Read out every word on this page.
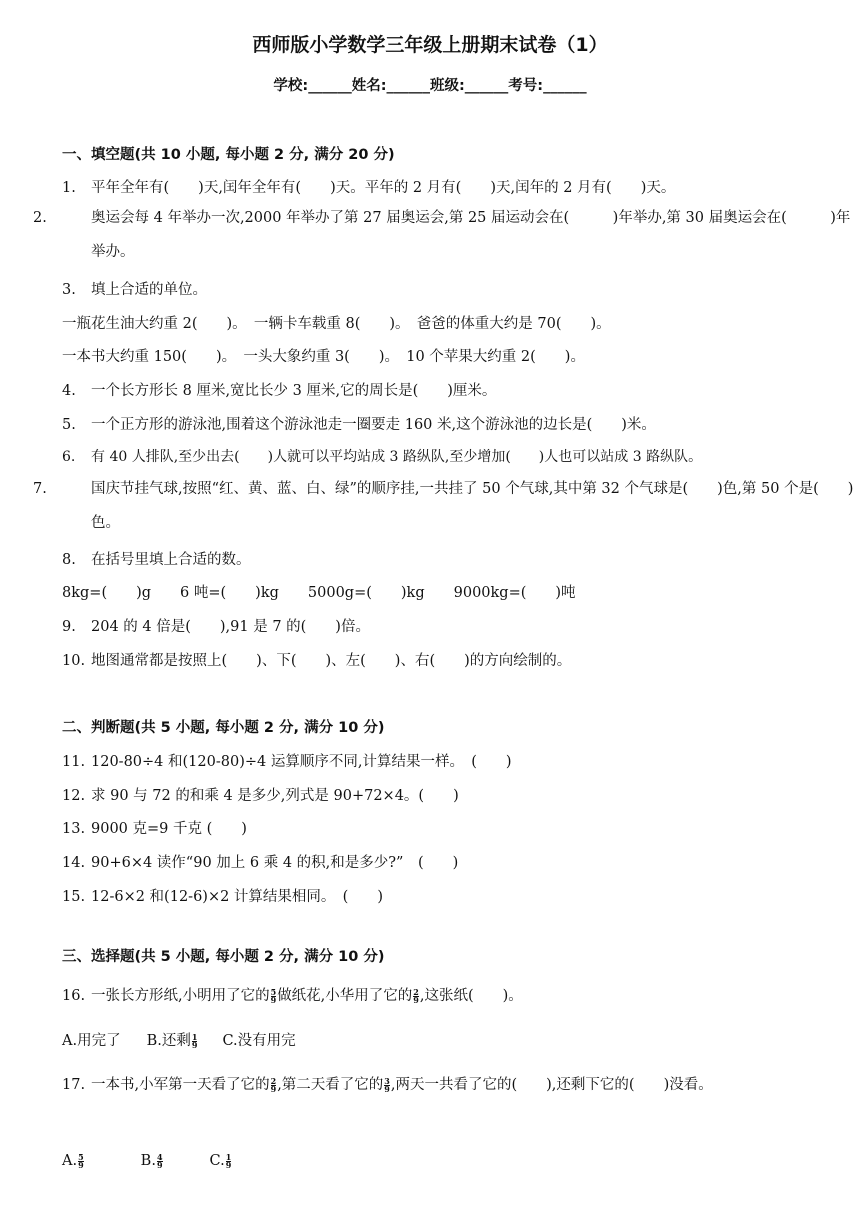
西师版小学数学三年级上册期末试卷（1）
学校:______姓名:______班级:______考号:______
一、填空题(共 10 小题, 每小题 2 分, 满分 20 分)
1. 平年全年有(　　)天,闰年全年有(　　)天。平年的 2 月有(　　)天,闰年的 2 月有(　　)天。
2.	奥运会每 4 年举办一次,2000 年举办了第 27 届奥运会,第 25 届运动会在(　　　)年举办,第 30 届奥运会在(　　　)年举办。
3. 填上合适的单位。
一瓶花生油大约重 2(　　)。　一辆卡车载重 8(　　)。　爸爸的体重大约是 70(　　)。
一本书大约重 150(　　)。　一头大象约重 3(　　)。　10 个苹果大约重 2(　　)。
4. 一个长方形长 8 厘米,宽比长少 3 厘米,它的周长是(　　)厘米。
5. 一个正方形的游泳池,围着这个游泳池走一圈要走 160 米,这个游泳池的边长是(　　)米。
6. 有 40 人排队,至少出去(　　)人就可以平均站成 3 路纵队,至少增加(　　)人也可以站成 3 路纵队。
7.	国庆节挂气球,按照“红、黄、蓝、白、绿”的顺序挂,一共挂了 50 个气球,其中第 32 个气球是(　　)色,第 50 个是(　　)色。
8. 在括号里填上合适的数。
8kg=(　　)g　　6 吨=(　　)kg　　5000g=(　　)kg　　9000kg=(　　)吨
9. 204 的 4 倍是(　　),91 是 7 的(　　)倍。
10. 地图通常都是按照上(　　)、下(　　)、左(　　)、右(　　)的方向绘制的。
二、判断题(共 5 小题, 每小题 2 分, 满分 10 分)
11. 120-80÷4 和(120-80)÷4 运算顺序不同,计算结果一样。　(　　)
12. 求 90 与 72 的和乘 4 是多少,列式是 90+72×4。(　　)
13. 9000 克=9 千克 (　　)
14. 90+6×4 读作“90 加上 6 乘 4 的积,和是多少?”　(　　)
15. 12-6×2 和(12-6)×2 计算结果相同。　(　　)
三、选择题(共 5 小题, 每小题 2 分, 满分 10 分)
16. 一张长方形纸,小明用了它的 $\frac{5}{9}$ 做纸花,小华用了它的 $\frac{2}{9}$ ,这张纸(　　)。
A.用完了 B.还剩 $\frac{1}{9} C$.没有用完
17. 一本书,小军第一天看了它的 $\frac{2}{9}$ ,第二天看了它的 $\frac{3}{9}$ ,两天一共看了它的(　　),还剩下它的(　　)没看。
A. $\frac{5}{9}$	B. $\frac{4}{9}$	C. $\frac{1}{9}$
